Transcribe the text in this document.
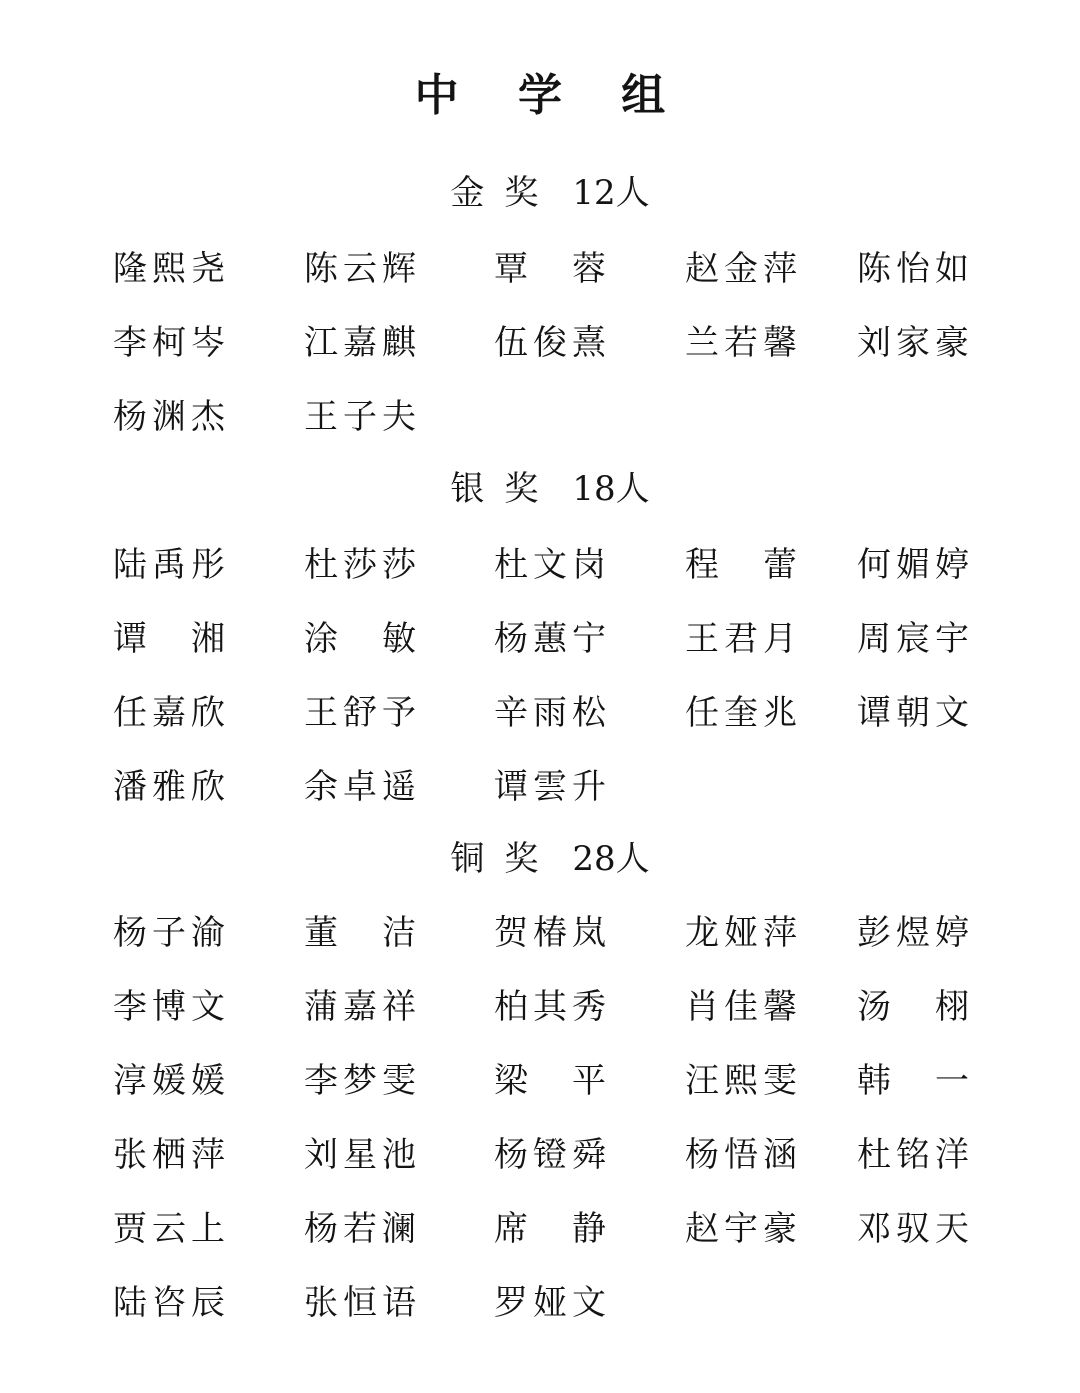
中 学 组
金奖 12人
隆 熙 尧 陈 云 辉 覃 蓉 赵 金 萍 陈 怡 如
李 柯 岑 江 嘉 麒 伍 俊 熹 兰 若 馨 刘 家 豪
杨 渊 杰 王 子 夫
银奖 18人
陆 禹 彤 杜 莎 莎 杜 文 岗 程 蕾 何 媚 婷
谭 湘 涂 敏 杨 蕙 宁 王 君 月 周 宸 宇
任 嘉 欣 王 舒 予 辛 雨 松 任 奎 兆 谭 朝 文
潘 雅 欣 余 卓 遥 谭 雲 升
铜奖 28人
杨 子 渝 董 洁 贺 椿 岚 龙 娅 萍 彭 煜 婷
李 博 文 蒲 嘉 祥 柏 其 秀 肖 佳 馨 汤 栩
淳 媛 媛 李 梦 雯 梁 平 汪 熙 雯 韩 一
张 栖 萍 刘 星 池 杨 镫 舜 杨 悟 涵 杜 铭 洋
贾 云 上 杨 若 澜 席 静 赵 宇 豪 邓 驭 天
陆 咨 辰 张 恒 语 罗 娅 文
